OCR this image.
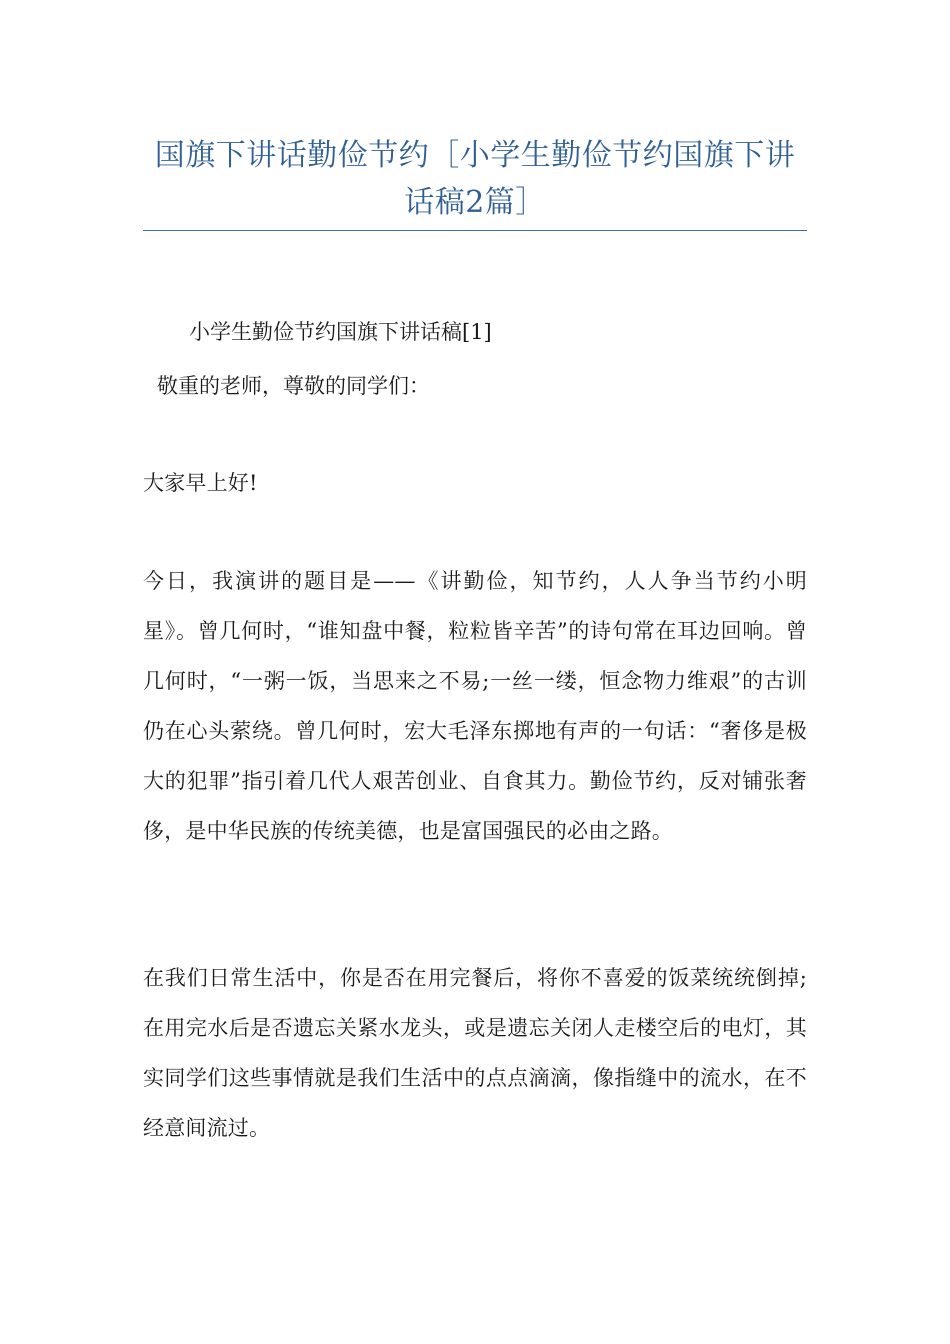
国旗下讲话勤俭节约［小学生勤俭节约国旗下讲话稿2篇］
小学生勤俭节约国旗下讲话稿[1]
敬重的老师，尊敬的同学们：
大家早上好!
今日，我演讲的题目是——《讲勤俭，知节约，人人争当节约小明星》。曾几何时，“谁知盘中餐，粒粒皆辛苦”的诗句常在耳边回响。曾几何时，“一粥一饭，当思来之不易;一丝一缕，恒念物力维艰”的古训仍在心头萦绕。曾几何时，宏大毛泽东掷地有声的一句话：“奢侈是极大的犯罪”指引着几代人艰苦创业、自食其力。勤俭节约，反对铺张奢侈，是中华民族的传统美德，也是富国强民的必由之路。
在我们日常生活中，你是否在用完餐后，将你不喜爱的饭菜统统倒掉;在用完水后是否遗忘关紧水龙头，或是遗忘关闭人走楼空后的电灯，其实同学们这些事情就是我们生活中的点点滴滴，像指缝中的流水，在不经意间流过。
